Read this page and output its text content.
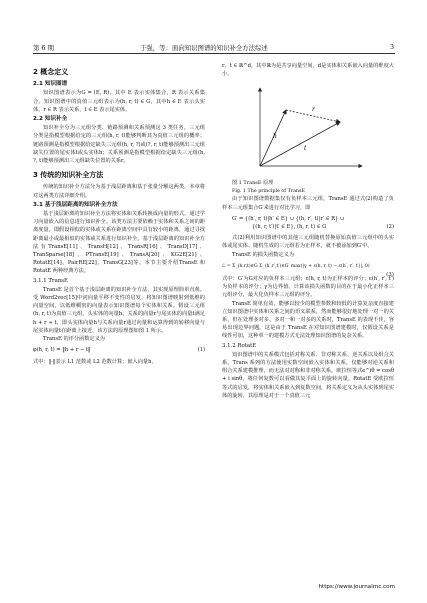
第 6 期	于强，等：面向知识图谱的知识补全方法综述	3
2 概念定义
2.1 知识图谱

知识图谱表示为G = (E, R)，其中 E 表示实体集合，R 表示关系集合。知识图谱中的真值三元组表示为(h, r, t) ∈ G，其中h ∈ E 表示头实体，r ∈ R 表示关系，t ∈ E 表示尾实体。

2.2 知识补全

知识补全分为三元组分类、链路预测和关系预测这 3 类任务。三元组分类是指模型根据给定的三元组(h, r, t)能够判断其为真值三元组的概率；链路预测是指模型根据给定缺失三元组(h, r, ?)或(?, r, t)能够预测出三元组缺失位置的尾实体t或头实体h；关系预测是指模型根据给定缺失三元组(h, ?, t)能够预测出三元组缺失位置的关系r。

3 传统的知识补全方法

传统的知识补全方法分为基于浅层距离和基于张量分解这两类，本章将对这两类方法详细介绍。

3.1 基于浅层距离的知识补全方法

基于浅层距离的知识补全方法将实体和关系转换成向量的形式，通过学习向量嵌入的信息进行知识补全。该类方法主要依赖于实体和关系之间的距离度量，即假设相似的实体或关系在距离空间中具有较小的距离，通过寻找距离最小或最相似的实体或关系进行知识补全。基于浅层距离的知识补全方法有TransE[11]、TransH[12]、TransR[16]、TransD[17]、TranSparse[18]、PTransE[19]、TransA[20]、KG2E[21]、RotatE[14]、PairRE[22]、TransG[23]等。本节主要介绍TransE 和 RotatE 两种经典方法。

3.1.1 TransE

TransE 是首个基于浅层距离的知识补全方法，其实现原理简单直观。受 Word2vec[15]中词向量平移不变性的启发，将知识图谱映射到低维的向量空间，以低维稠密的向量表示知识图谱每个实体和关系。假设三元组(h, r, t)为真值三元组，头实体的向量h、关系的向量r与尾实体的向量t满足h + r ≈ t，即头实体向量h与关系向量r通过向量和运算得到的转移向量与尾实体向量t在距离上接近，该方法的原理图如图 1 所示。

TransE 的评分函数定义为

φ(h, r, t) = ‖h + r − t‖	(1)

式中：‖·‖表示 L1 范数或 L2 范数计算；嵌入向量h、

r、t ∈ ℝ^d，其中ℝ为是共享向量空间，d是实体和关系嵌入向量的维度大小。

h
r
t

图 1 TransE 原理

Fig. 1 The principle of TransE

由于知识图谱数据集仅有负样本三元组，TransE 通过式(2)构造了负样本三元组集合G′来进行对比学习，即

G′ = {(h′, r, t)|h′ ∈ E} ∪ {(h, r′, t)|r′ ∈ R} ∪
{(h, r, t′)|t′ ∈ E}, (h, r, t) ∈ G	(2)

式(2)利用知识图谱中的其他三元组随机替换原始真值三元组中的头实体或尾实体、随机生成的三元组若为正样本，就不被添加到G′中。

TransE 的损失函数定义为

ℒ = Σ_(h,r,t)∈G Σ_(h′,r′,t′)∈G′ max(|γ + ε(h, r, t) − ε(h′, r′, t′)|, 0)
(3)

式中：G′为G对应的负样本三元组；ε(h, r, t)为正样本的评分；ε(h′, r′, t′)为负样本的评分；γ为边界值。计算该损失函数的目的在于最小化正样本三元组评分，最大化负样本三元组的评分。

TransE 简单有效，能够以较少的模型参数和较低的计算复杂度直接建立知识图谱中实体和关系之间的语义联系，然而能够很好地处理一对一的关系，但在处理多对多、多对一和一对多的关系时，TransE 的表现不佳，容易出现边界问题。这是由于 TransE 在对知识图谱建模时，仅假设关系是线性可加，这种单一的建模方式无法处理知识图谱的复杂关系。

3.1.2 RotatE

知识图谱中的关系模式包括对称关系、非对称关系、逆关系以及组合关系。Trans 系列的方法使用实数空间嵌入实体和关系，仅能够对逆关系和组合关系建模推理，而无法对对称和非对称关系。欧拉恒等式e^iθ = cosθ + i sinθ，将任何复数可以看做其复平面上的旋转向量。RotatE 受欧拉恒等式的启发，将实体和关系嵌入到复数空间，将关系定义为从头实体到尾实体的旋转，其原理是对于一个真值三元

https://www.journalmc.com
